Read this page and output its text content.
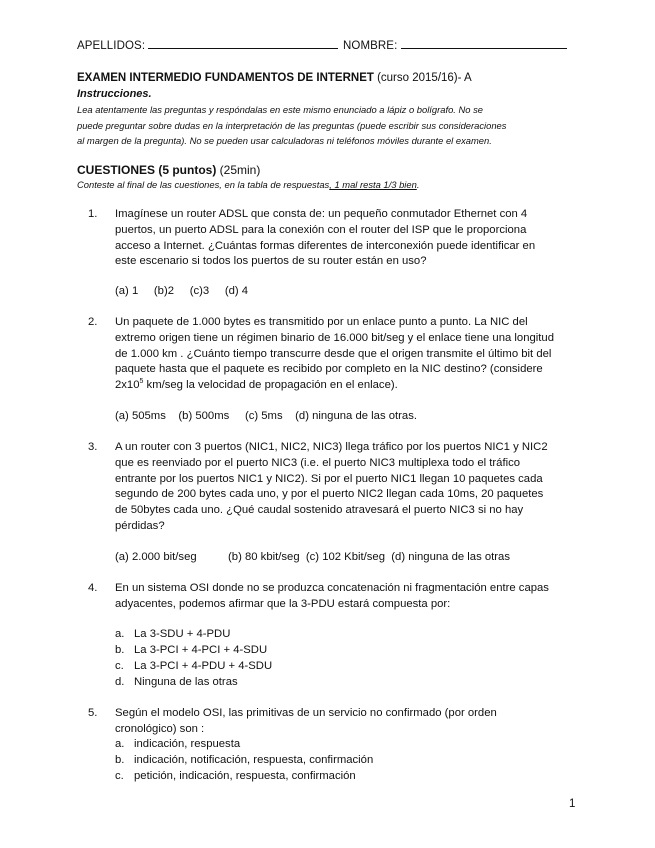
APELLIDOS:	NOMBRE:
EXAMEN INTERMEDIO FUNDAMENTOS DE INTERNET (curso 2015/16)- A
Instrucciones.
Lea atentamente las preguntas y respóndalas en este mismo enunciado a lápiz o bolígrafo. No se
puede preguntar sobre dudas en la interpretación de las preguntas (puede escribir sus consideraciones
al margen de la pregunta). No se pueden usar calculadoras ni teléfonos móviles durante el examen.
CUESTIONES (5 puntos) (25min)
Conteste al final de las cuestiones, en la tabla de respuestas, 1 mal resta 1/3 bien.
1. Imagínese un router ADSL que consta de: un pequeño conmutador Ethernet con 4
puertos, un puerto ADSL para la conexión con el router del ISP que le proporciona
acceso a Internet. ¿Cuántas formas diferentes de interconexión puede identificar en
este escenario si todos los puertos de su router están en uso?
(a) 1     (b)2     (c)3     (d) 4
2. Un paquete de 1.000 bytes es transmitido por un enlace punto a punto. La NIC del
extremo origen tiene un régimen binario de 16.000 bit/seg y el enlace tiene una longitud
de 1.000 km . ¿Cuánto tiempo transcurre desde que el origen transmite el último bit del
paquete hasta que el paquete es recibido por completo en la NIC destino? (considere
$2x10^5$ km/seg la velocidad de propagación en el enlace).
(a) 505ms    (b) 500ms     (c) 5ms    (d) ninguna de las otras.
3. A un router con 3 puertos (NIC1, NIC2, NIC3) llega tráfico por los puertos NIC1 y NIC2
que es reenviado por el puerto NIC3 (i.e. el puerto NIC3 multiplexa todo el tráfico
entrante por los puertos NIC1 y NIC2). Si por el puerto NIC1 llegan 10 paquetes cada
segundo de 200 bytes cada uno, y por el puerto NIC2 llegan cada 10ms, 20 paquetes
de 50bytes cada uno. ¿Qué caudal sostenido atravesará el puerto NIC3 si no hay
pérdidas?
(a) 2.000 bit/seg          (b) 80 kbit/seg  (c) 102 Kbit/seg  (d) ninguna de las otras
4. En un sistema OSI donde no se produzca concatenación ni fragmentación entre capas
adyacentes, podemos afirmar que la 3-PDU estará compuesta por:
a. La 3-SDU + 4-PDU
b. La 3-PCI + 4-PCI + 4-SDU
c. La 3-PCI + 4-PDU + 4-SDU
d. Ninguna de las otras
5. Según el modelo OSI, las primitivas de un servicio no confirmado (por orden
cronológico) son :
a. indicación, respuesta
b. indicación, notificación, respuesta, confirmación
c. petición, indicación, respuesta, confirmación
1
